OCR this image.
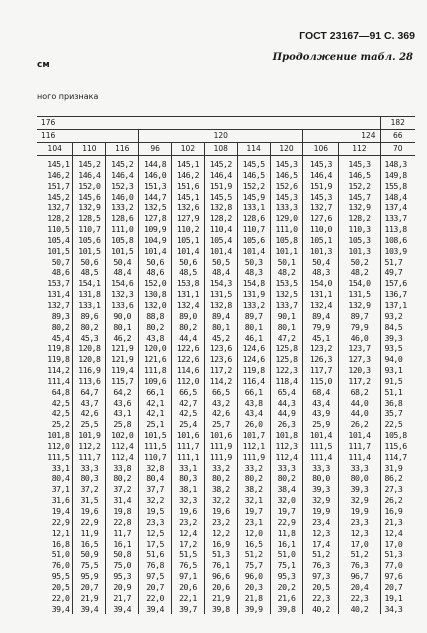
ГОСТ 23167—91 С. 369
Продолжение табл. 28
см
ного признака
176										182
116			120					124		66
104	110	116	96	102	108	114	120	106	112	70
145,1	145,2	145,2	144,8	145,1	145,2	145,5	145,3	145,3	145,3	148,3
146,2	146,4	146,4	146,0	146,2	146,4	146,5	146,5	146,4	146,5	149,8
151,7	152,0	152,3	151,3	151,6	151,9	152,2	152,6	151,9	152,2	155,8
145,2	145,6	146,0	144,7	145,1	145,5	145,9	145,3	145,3	145,7	148,4
132,7	132,9	133,2	132,5	132,6	132,8	133,1	133,3	132,7	132,9	137,4
128,2	128,5	128,6	127,8	127,9	128,2	128,6	129,0	127,6	128,2	133,7
110,5	110,7	111,0	109,9	110,2	110,4	110,7	111,0	110,0	110,3	113,8
105,4	105,6	105,8	104,9	105,1	105,4	105,6	105,8	105,1	105,3	108,6
101,5	101,5	101,5	101,4	101,4	101,4	101,4	101,1	101,3	101,3	103,9
50,7	50,6	50,4	50,6	50,6	50,5	50,3	50,1	50,4	50,2	51,7
48,6	48,5	48,4	48,6	48,5	48,4	48,3	48,2	48,3	48,2	49,7
153,7	154,1	154,6	152,0	153,8	154,3	154,8	153,5	154,0	154,0	157,6
131,4	131,8	132,3	130,8	131,1	131,5	131,9	132,5	131,1	131,5	136,7
132,7	133,1	133,6	132,0	132,4	132,8	133,2	133,7	132,4	132,9	137,1
89,3	89,6	90,0	88,8	89,0	89,4	89,7	90,1	89,4	89,7	93,2
80,2	80,2	80,1	80,2	80,2	80,1	80,1	80,1	79,9	79,9	84,5
45,4	45,3	46,2	43,8	44,4	45,2	46,1	47,2	45,1	46,0	39,3
119,8	120,8	121,9	120,0	122,6	123,6	124,6	125,8	123,2	123,7	93,5
119,8	120,8	121,9	121,6	122,6	123,6	124,6	125,8	126,3	127,3	94,0
114,2	116,9	119,4	111,8	114,6	117,2	119,8	122,3	117,7	120,3	93,1
111,4	113,6	115,7	109,6	112,0	114,2	116,4	118,4	115,0	117,2	91,5
64,8	64,7	64,2	66,1	66,5	66,5	66,1	65,4	68,4	68,2	51,1
42,5	43,7	43,6	42,1	42,7	43,2	43,8	44,3	43,4	44,0	36,8
42,5	42,6	43,1	42,1	42,5	42,6	43,4	44,9	43,9	44,0	35,7
25,2	25,5	25,8	25,1	25,4	25,7	26,0	26,3	25,9	26,2	22,5
101,8	101,9	102,0	101,5	101,6	101,6	101,7	101,8	101,4	101,4	105,8
112,0	112,2	112,4	111,5	111,7	111,9	112,1	112,3	111,5	111,7	115,6
111,5	111,7	112,4	110,7	111,1	111,9	111,9	112,4	111,4	111,4	114,7
33,1	33,3	33,8	32,8	33,1	33,2	33,2	33,3	33,3	33,3	31,9
80,4	80,3	80,2	80,4	80,3	80,2	80,2	80,2	80,0	80,0	86,2
37,1	37,2	37,2	37,7	38,1	38,2	38,2	38,4	39,3	39,3	27,3
31,6	31,5	31,4	32,2	32,3	32,2	32,1	32,0	32,9	32,9	26,2
19,4	19,6	19,8	19,5	19,6	19,6	19,7	19,7	19,9	19,9	16,9
22,9	22,9	22,8	23,3	23,2	23,2	23,1	22,9	23,4	23,3	21,3
12,1	11,9	11,7	12,5	12,4	12,2	12,0	11,8	12,3	12,3	12,4
16,8	16,5	16,1	17,5	17,2	16,9	16,5	16,1	17,4	17,0	17,0
51,0	50,9	50,8	51,6	51,5	51,3	51,2	51,0	51,2	51,2	51,3
76,0	75,5	75,0	76,8	76,5	76,1	75,7	75,1	76,3	76,3	77,0
95,5	95,9	95,3	97,5	97,1	96,6	96,0	95,3	97,3	96,7	97,6
20,5	20,7	20,9	20,7	20,6	20,6	20,3	20,2	20,5	20,4	20,7
22,0	21,9	21,7	22,0	22,1	21,9	21,8	21,6	22,3	22,3	19,1
39,4	39,4	39,4	39,4	39,7	39,8	39,9	39,8	40,2	40,2	34,3
